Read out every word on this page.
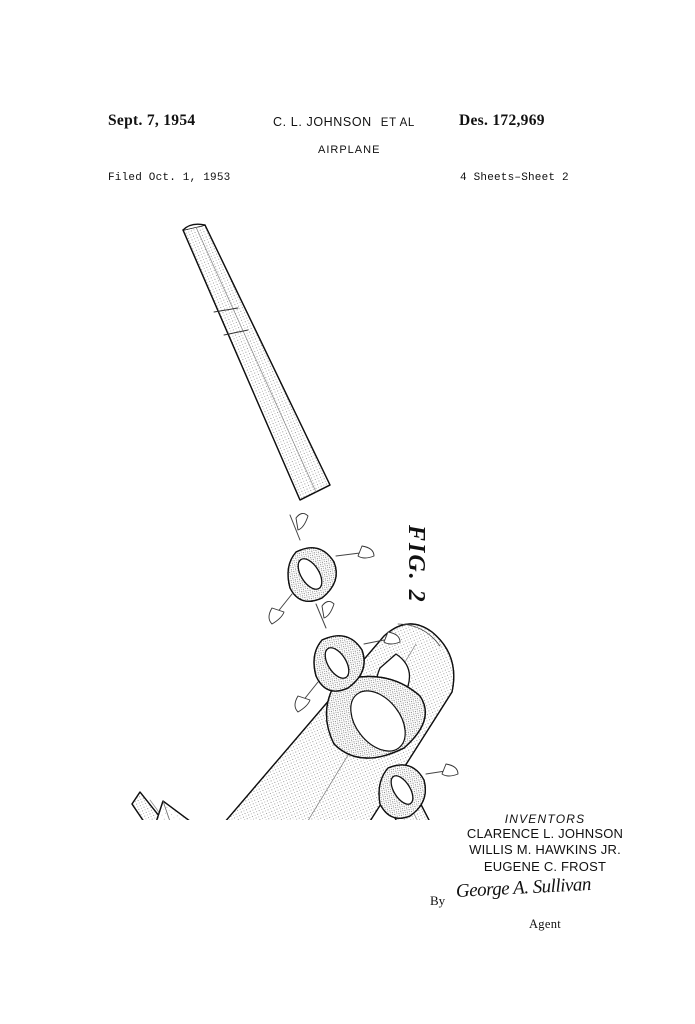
Sept. 7, 1954	C. L. JOHNSON ET AL	Des. 172,969
AIRPLANE
Filed Oct. 1, 1953	4 Sheets–Sheet 2
FIG. 2
INVENTORS
CLARENCE L. JOHNSON
WILLIS M. HAWKINS JR.
EUGENE C. FROST
By George A. Sullivan
Agent
